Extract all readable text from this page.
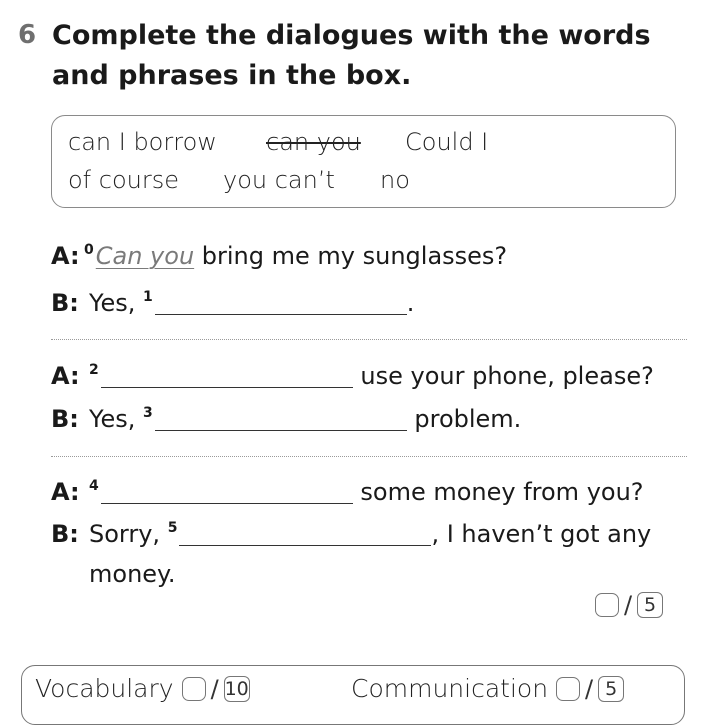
6 Complete the dialogues with the words and phrases in the box.
can I borrow can you Could I
of course you can’t no
A: $^0$Can you bring me my sunglasses?
B: Yes, $^1$	.
A: $^2$	use your phone, please?
B: Yes, $^3$	problem.
A: $^4$	some money from you?
B: Sorry, $^5$	, I haven’t got any
money.
/ 5
Vocabulary / 10	Communication / 5
